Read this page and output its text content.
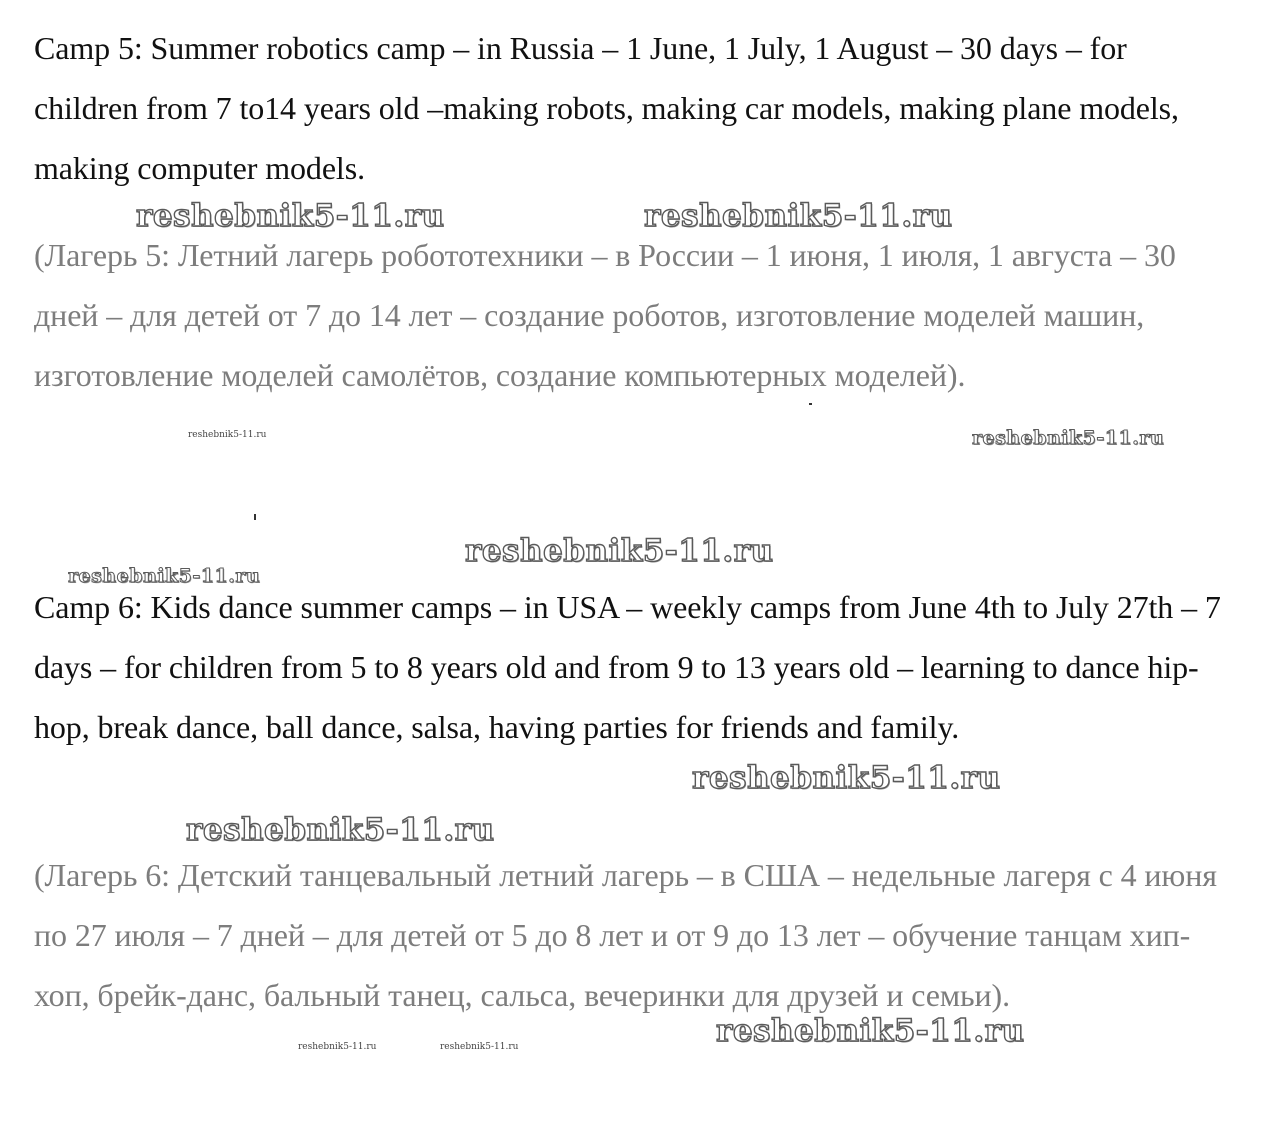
Camp 5: Summer robotics camp – in Russia – 1 June, 1 July, 1 August – 30 days – for children from 7 to14 years old –making robots, making car models, making plane models, making computer models.

(Лагерь 5: Летний лагерь робототехники – в России – 1 июня, 1 июля, 1 августа – 30 дней – для детей от 7 до 14 лет – создание роботов, изготовление моделей машин, изготовление моделей самолётов, создание компьютерных моделей).

Camp 6: Kids dance summer camps – in USA – weekly camps from June 4th to July 27th – 7 days – for children from 5 to 8 years old and from 9 to 13 years old – learning to dance hip-hop, break dance, ball dance, salsa, having parties for friends and family.

(Лагерь 6: Детский танцевальный летний лагерь – в США – недельные лагеря с 4 июня по 27 июля – 7 дней – для детей от 5 до 8 лет и от 9 до 13 лет – обучение танцам хип-хоп, брейк-данс, бальный танец, сальса, вечеринки для друзей и семьи).

reshebnik5-11.ru	reshebnik5-11.ru
reshebnik5-11.ru	reshebnik5-11.ru
reshebnik5-11.ru
reshebnik5-11.ru
reshebnik5-11.ru
reshebnik5-11.ru
reshebnik5-11.ru	reshebnik5-11.ru	reshebnik5-11.ru
